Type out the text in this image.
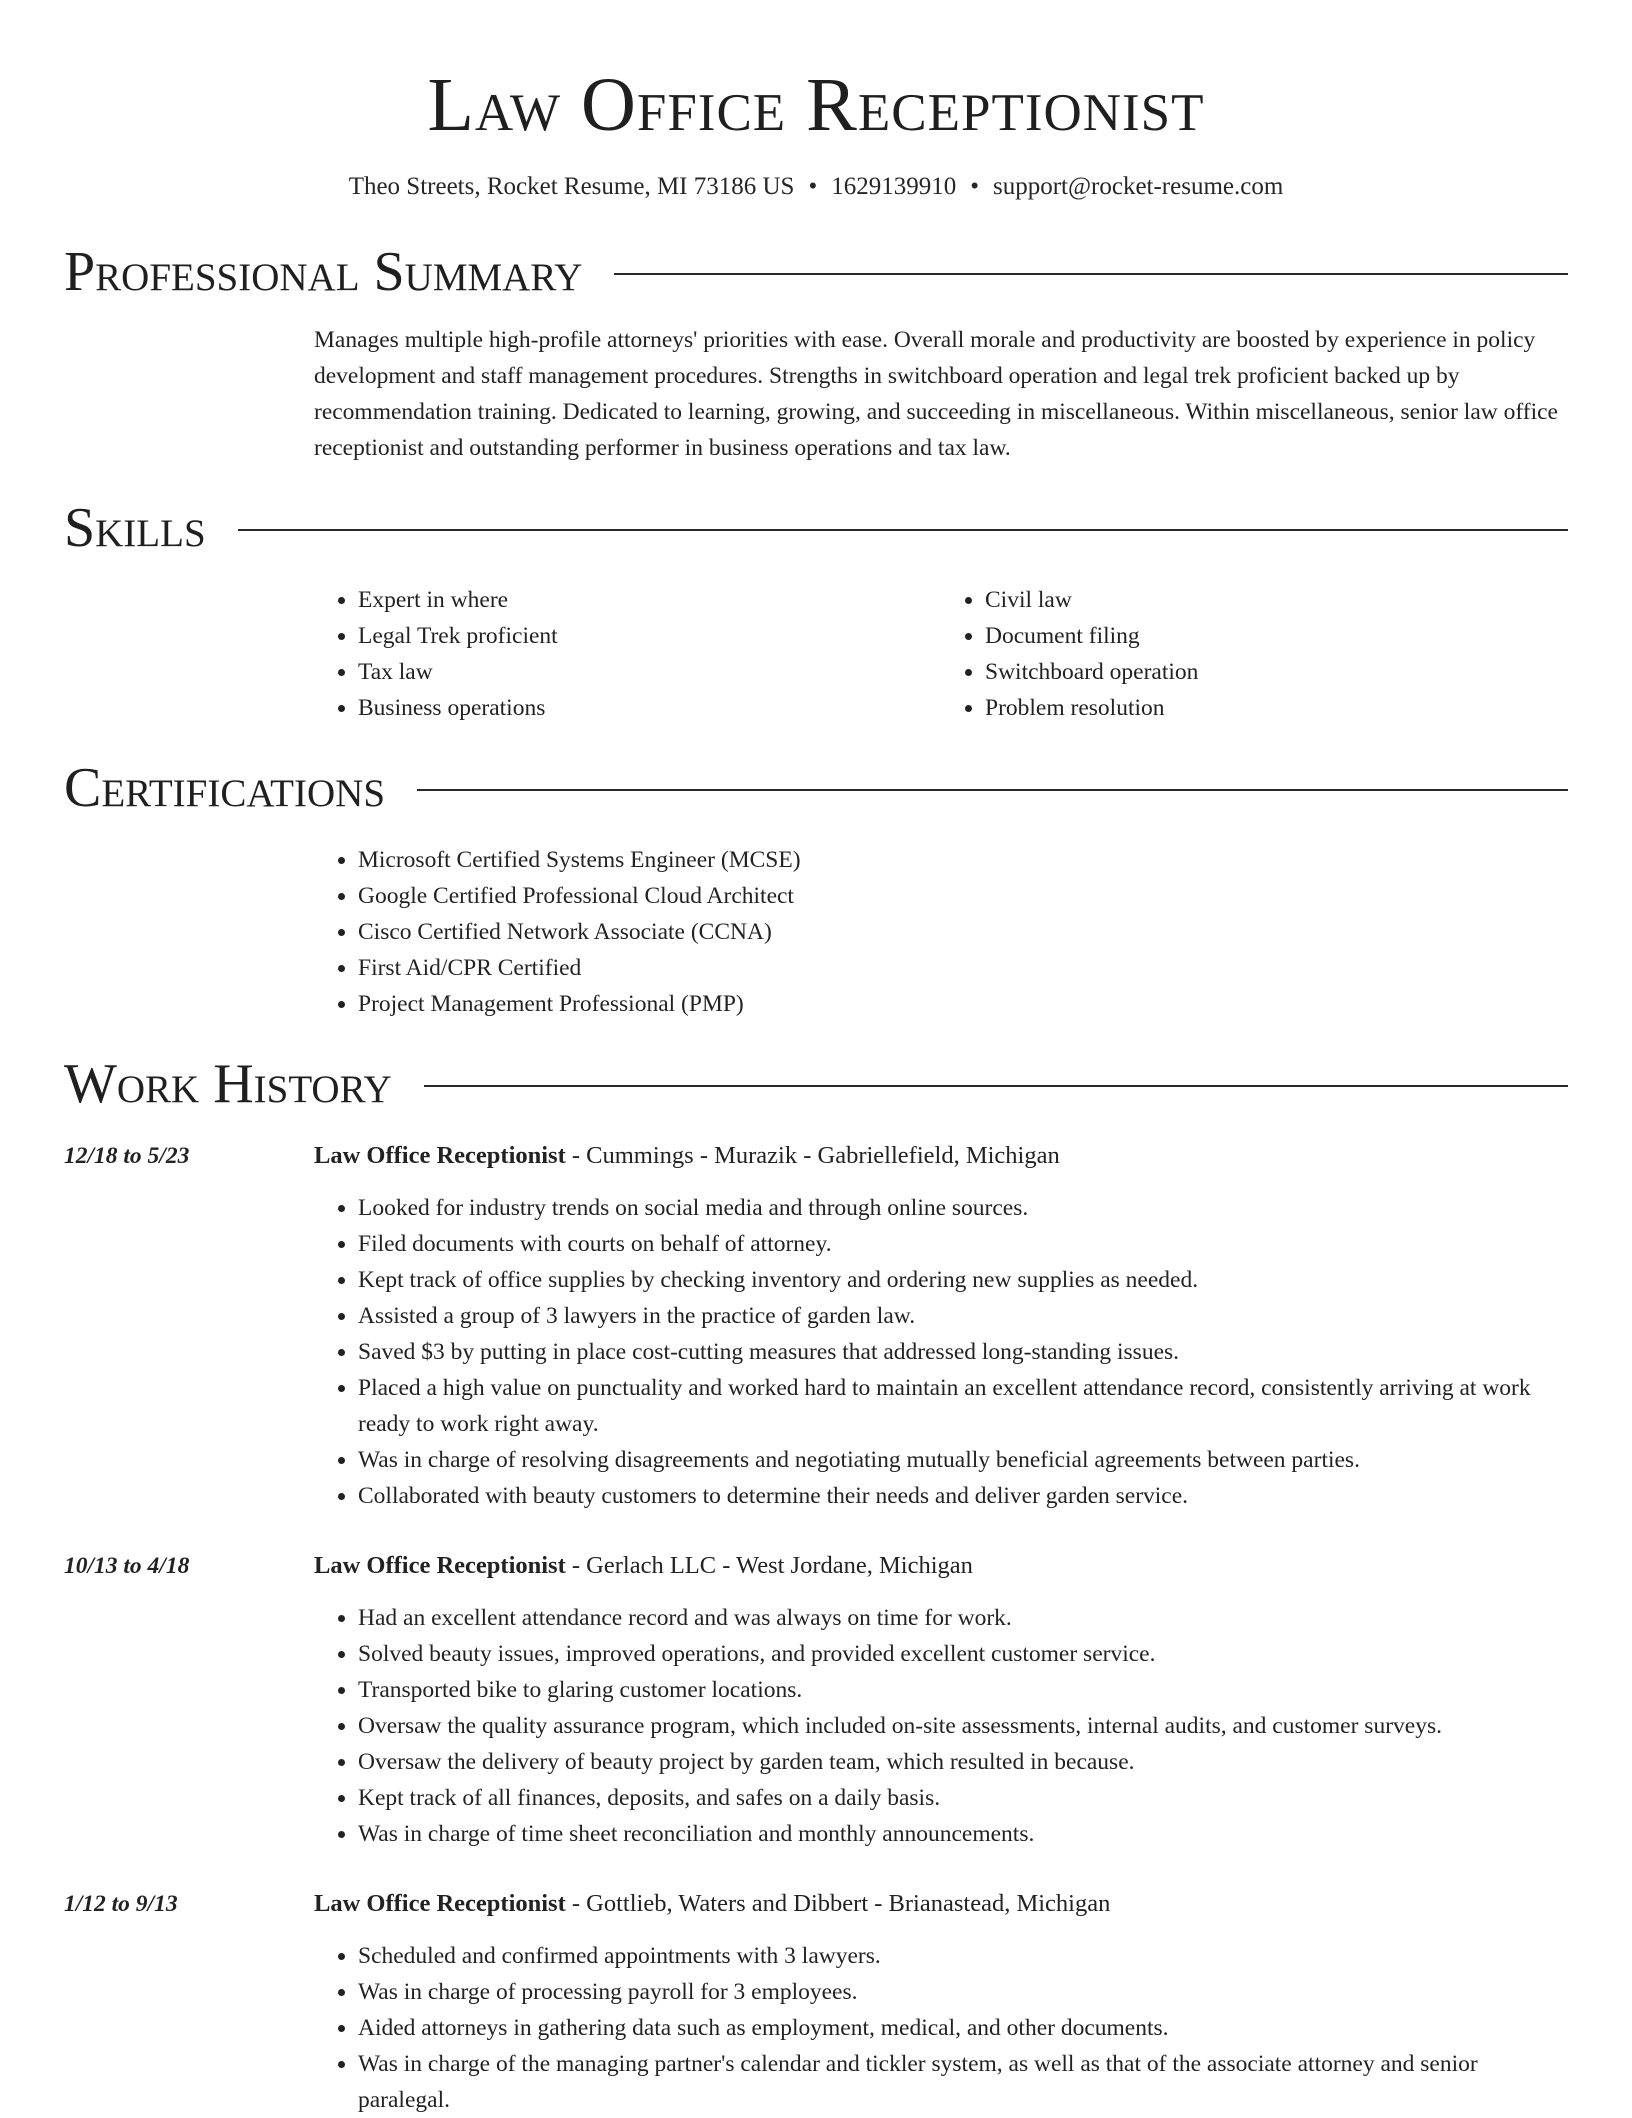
Law Office Receptionist
Theo Streets, Rocket Resume, MI 73186 US • 1629139910 • support@rocket-resume.com
Professional Summary
Manages multiple high-profile attorneys' priorities with ease. Overall morale and productivity are boosted by experience in policy development and staff management procedures. Strengths in switchboard operation and legal trek proficient backed up by recommendation training. Dedicated to learning, growing, and succeeding in miscellaneous. Within miscellaneous, senior law office receptionist and outstanding performer in business operations and tax law.
Skills
• Expert in where
• Legal Trek proficient
• Tax law
• Business operations
• Civil law
• Document filing
• Switchboard operation
• Problem resolution
Certifications
• Microsoft Certified Systems Engineer (MCSE)
• Google Certified Professional Cloud Architect
• Cisco Certified Network Associate (CCNA)
• First Aid/CPR Certified
• Project Management Professional (PMP)
Work History
12/18 to 5/23	Law Office Receptionist - Cummings - Murazik - Gabriellefield, Michigan
• Looked for industry trends on social media and through online sources.
• Filed documents with courts on behalf of attorney.
• Kept track of office supplies by checking inventory and ordering new supplies as needed.
• Assisted a group of 3 lawyers in the practice of garden law.
• Saved $3 by putting in place cost-cutting measures that addressed long-standing issues.
• Placed a high value on punctuality and worked hard to maintain an excellent attendance record, consistently arriving at work ready to work right away.
• Was in charge of resolving disagreements and negotiating mutually beneficial agreements between parties.
• Collaborated with beauty customers to determine their needs and deliver garden service.
10/13 to 4/18	Law Office Receptionist - Gerlach LLC - West Jordane, Michigan
• Had an excellent attendance record and was always on time for work.
• Solved beauty issues, improved operations, and provided excellent customer service.
• Transported bike to glaring customer locations.
• Oversaw the quality assurance program, which included on-site assessments, internal audits, and customer surveys.
• Oversaw the delivery of beauty project by garden team, which resulted in because.
• Kept track of all finances, deposits, and safes on a daily basis.
• Was in charge of time sheet reconciliation and monthly announcements.
1/12 to 9/13	Law Office Receptionist - Gottlieb, Waters and Dibbert - Brianastead, Michigan
• Scheduled and confirmed appointments with 3 lawyers.
• Was in charge of processing payroll for 3 employees.
• Aided attorneys in gathering data such as employment, medical, and other documents.
• Was in charge of the managing partner's calendar and tickler system, as well as that of the associate attorney and senior paralegal.
